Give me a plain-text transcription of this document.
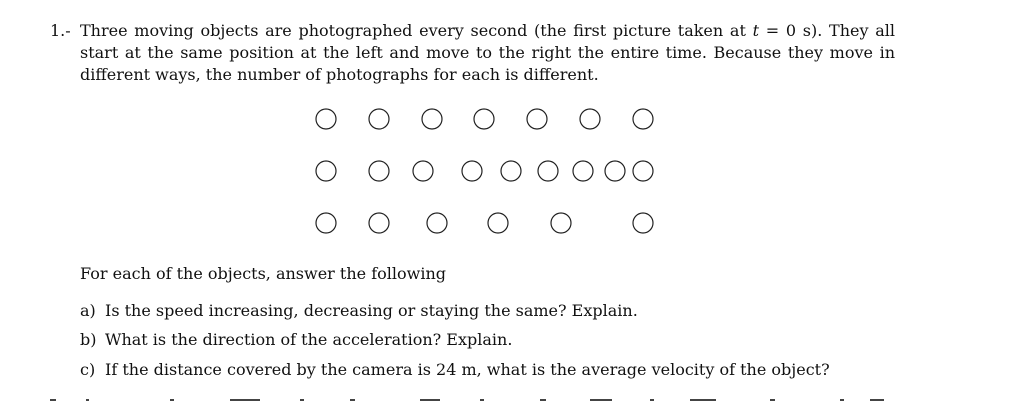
1.- Three moving objects are photographed every second (the first picture taken at t = 0 s). They all start at the same position at the left and move to the right the entire time. Because they move in different ways, the number of photographs for each is different.
For each of the objects, answer the following
a) Is the speed increasing, decreasing or staying the same? Explain.
b) What is the direction of the acceleration? Explain.
c) If the distance covered by the camera is 24 m, what is the average velocity of the object?
